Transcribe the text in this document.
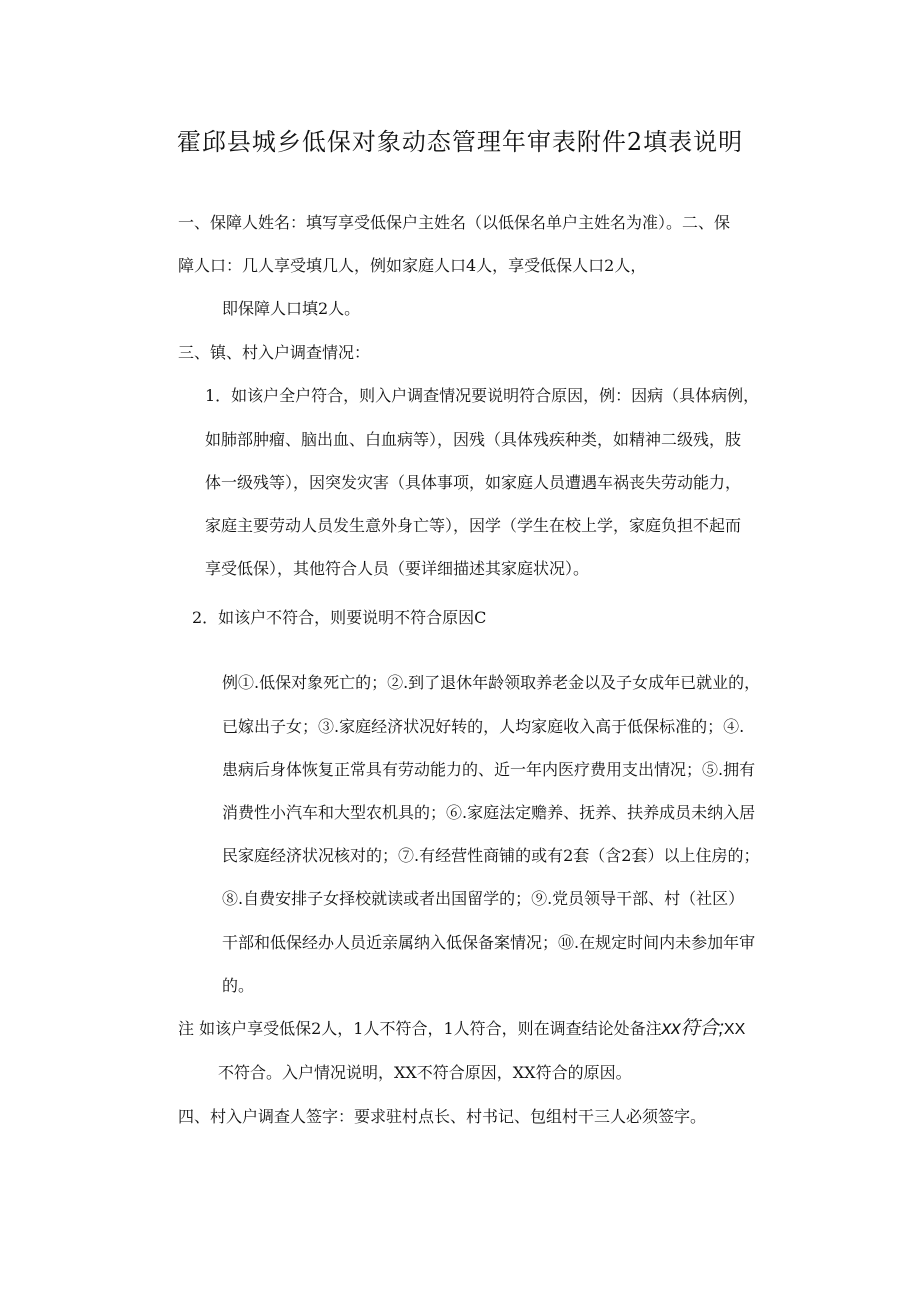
霍邱县城乡低保对象动态管理年审表附件2填表说明
一、保障人姓名：填写享受低保户主姓名（以低保名单户主姓名为准）。二、保
障人口：几人享受填几人，例如家庭人口4人，享受低保人口2人，
即保障人口填2人。
三、镇、村入户调查情况：
1．如该户全户符合，则入户调查情况要说明符合原因，例：因病（具体病例，
如肺部肿瘤、脑出血、白血病等），因残（具体残疾种类，如精神二级残，肢
体一级残等），因突发灾害（具体事项，如家庭人员遭遇车祸丧失劳动能力，
家庭主要劳动人员发生意外身亡等），因学（学生在校上学，家庭负担不起而
享受低保），其他符合人员（要详细描述其家庭状况）。
2．如该户不符合，则要说明不符合原因C
例①.低保对象死亡的；②.到了退休年龄领取养老金以及子女成年已就业的，
已嫁出子女；③.家庭经济状况好转的，人均家庭收入高于低保标准的；④.
患病后身体恢复正常具有劳动能力的、近一年内医疗费用支出情况；⑤.拥有
消费性小汽车和大型农机具的；⑥.家庭法定赡养、抚养、扶养成员未纳入居
民家庭经济状况核对的；⑦.有经营性商铺的或有2套（含2套）以上住房的；
⑧.自费安排子女择校就读或者出国留学的；⑨.党员领导干部、村（社区）
干部和低保经办人员近亲属纳入低保备案情况；⑩.在规定时间内未参加年审
的。
注 如该户享受低保2人，1人不符合，1人符合，则在调查结论处备注xx符合;XX
不符合。入户情况说明，XX不符合原因，XX符合的原因。
四、村入户调查人签字：要求驻村点长、村书记、包组村干三人必须签字。
